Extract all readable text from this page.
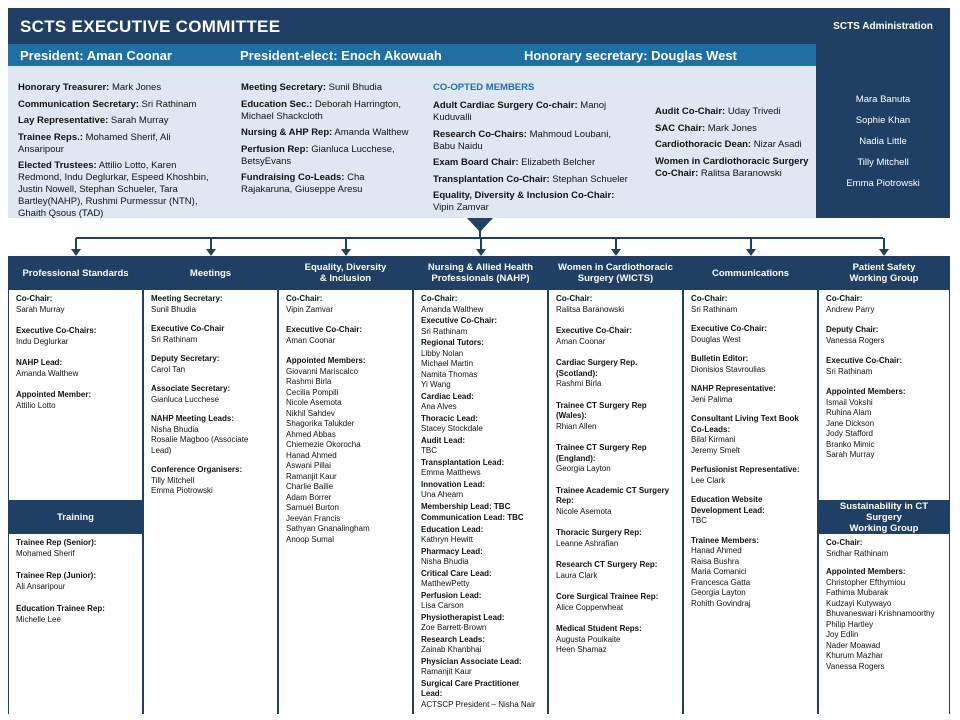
SCTS EXECUTIVE COMMITTEE
President: Aman Coonar	President-elect: Enoch Akowuah	Honorary secretary: Douglas West
SCTS Administration
Mara Banuta
Sophie Khan
Nadia Little
Tilly Mitchell
Emma Piotrowski

Honorary Treasurer: Mark Jones

Communication Secretary: Sri Rathinam

Lay Representative: Sarah Murray

Trainee Reps.: Mohamed Sherif, Ali Ansaripour

Elected Trustees: Attilio Lotto, Karen Redmond, Indu Deglurkar, Espeed Khoshbin, Justin Nowell, Stephan Schueler, Tara Bartley(NAHP), Rushmi Purmessur (NTN), Ghaith Qsous (TAD)

Meeting Secretary: Sunil Bhudia

Education Sec.: Deborah Harrington, Michael Shackcloth

Nursing & AHP Rep: Amanda Walthew

Perfusion Rep: Gianluca Lucchese, BetsyEvans

Fundraising Co-Leads: Cha Rajakaruna, Giuseppe Aresu

CO-OPTED MEMBERS

Adult Cardiac Surgery Co-chair: Manoj Kuduvalli

Research Co-Chairs: Mahmoud Loubani, Babu Naidu

Exam Board Chair: Elizabeth Belcher

Transplantation Co-Chair: Stephan Schueler

Equality, Diversity & Inclusion Co-Chair: Vipin Zamvar

Audit Co-Chair: Uday Trivedi

SAC Chair: Mark Jones

Cardiothoracic Dean: Nizar Asadi

Women in Cardiothoracic Surgery Co-Chair: Ralitsa Baranowski

Professional Standards

Co-Chair:
Sarah Murray

Executive Co-Chairs:
Indu Deglurkar

NAHP Lead:
Amanda Walthew

Appointed Member:
Attilio Lotto

Meetings

Meeting Secretary:
Sunil Bhudia

Executive Co-Chair
Sri Rathinam

Deputy Secretary:
Carol Tan

Associate Secretary:
Gianluca Lucchese

NAHP Meeting Leads:
Nisha Bhudia
Rosalie Magboo (Associate Lead)

Conference Organisers:
Tilly Mitchell
Emma Piotrowski

Equality, Diversity
& Inclusion

Co-Chair:
Vipin Zamvar

Executive Co-Chair:
Aman Coonar

Appointed Members:
Giovanni Mariscalco
Rashmi Birla
Cecilia Pompili
Nicole Asemota
Nikhil Sahdev
Shagorika Talukder
Ahmed Abbas
Chiemezie Okorocha
Hanad Ahmed
Aswani Pillai
Ramanjit Kaur
Charlie Bailie
Adam Borrer
Samuel Burton
Jeevan Francis
Sathyan Gnanalingham
Anoop Sumal

Nursing & Allied Health
Professionals (NAHP)

Co-Chair:
Amanda Walthew

Executive Co-Chair:
Sri Rathinam

Regional Tutors:
Libby Nolan
Michael Martin
Namita Thomas
Yi Wang

Cardiac Lead:
Ana Alves

Thoracic Lead:
Stacey Stockdale

Audit Lead:
TBC

Transplantation Lead:
Emma Matthews

Innovation Lead:
Una Ahearn

Membership Lead: TBC

Communication Lead: TBC

Education Lead:
Kathryn Hewitt

Pharmacy Lead:
Nisha Bhudia

Critical Care Lead:
MatthewPetty

Perfusion Lead:
Lisa Carson

Physiotherapist Lead:
Zoe Barrett-Brown

Research Leads:
Zainab Khanbhai

Physician Associate Lead:
Ramanjit Kaur

Surgical Care Practitioner Lead:
ACTSCP President – Nisha Nair

Women in Cardiothoracic
Surgery (WICTS)

Co-Chair:
Ralitsa Baranowski

Executive Co-Chair:
Aman Coonar

Cardiac Surgery Rep.
(Scotland):
Rashmi Birla

Trainee CT Surgery Rep
(Wales):
Rhian Allen

Trainee CT Surgery Rep
(England):
Georgia Layton

Trainee Academic CT Surgery
Rep:
Nicole Asemota

Thoracic Surgery Rep:
Leanne Ashrafian

Research CT Surgery Rep:
Laura Clark

Core Surgical Trainee Rep:
Alice Copperwheat

Medical Student Reps:
Augusta Poulkaite
Heen Shamaz

Communications

Co-Chair:
Sri Rathinam

Executive Co-Chair:
Douglas West

Bulletin Editor:
Dionisios Stavroulias

NAHP Representative:
Jeni Palima

Consultant Living Text Book
Co-Leads:
Bilal Kirmani
Jeremy Smelt

Perfusionist Representative:
Lee Clark

Education Website
Development Lead:
TBC

Trainee Members:
Hanad Ahmed
Raisa Bushra
Maria Comanici
Francesca Gatta
Georgia Layton
Rohith Govindraj

Patient Safety
Working Group

Co-Chair:
Andrew Parry

Deputy Chair:
Vanessa Rogers

Executive Co-Chair:
Sri Rathinam

Appointed Members:
Ismail Vokshi
Ruhina Alam
Jane Dickson
Jody Stafford
Branko Mimic
Sarah Murray

Training

Trainee Rep (Senior):
Mohamed Sherif

Trainee Rep (Junior):
Ali Ansaripour

Education Trainee Rep:
Michelle Lee

Sustainability in CT Surgery
Working Group

Co-Chair:
Sridhar Rathinam

Appointed Members:
Christopher Efthymiou
Fathima Mubarak
Kudzayi Kutywayo
Bhuvaneswari Krishnamoorthy
Philip Hartley
Joy Edlin
Nader Moawad
Khurum Mazhar
Vanessa Rogers
